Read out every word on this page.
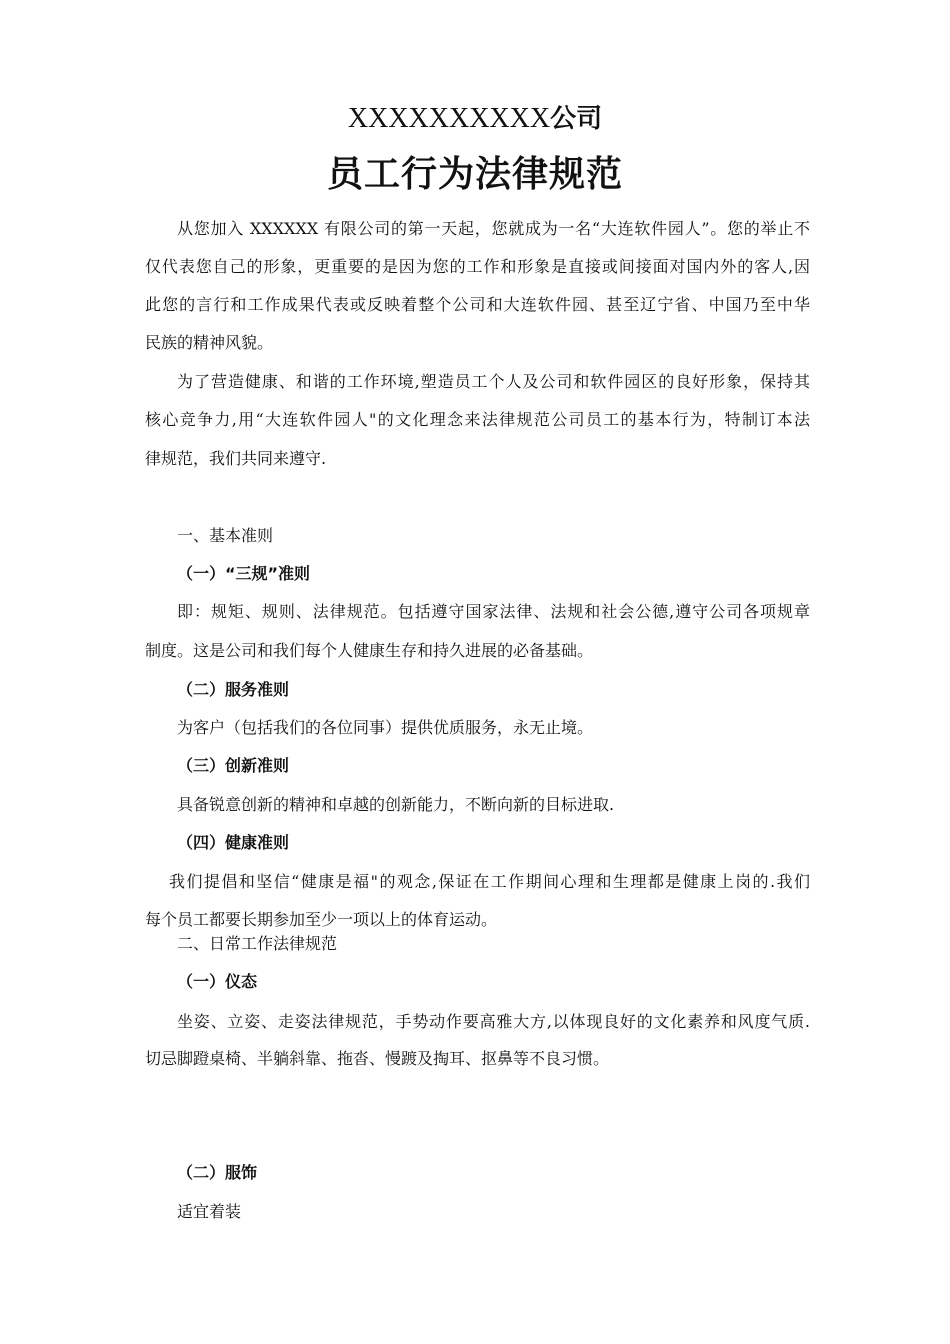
XXXXXXXXXX公司
员工行为法律规范
从您加入 XXXXXX 有限公司的第一天起，您就成为一名“大连软件园人”。您的举止不
仅代表您自己的形象，更重要的是因为您的工作和形象是直接或间接面对国内外的客人,因
此您的言行和工作成果代表或反映着整个公司和大连软件园、甚至辽宁省、中国乃至中华
民族的精神风貌。
为了营造健康、和谐的工作环境,塑造员工个人及公司和软件园区的良好形象，保持其
核心竞争力,用“大连软件园人"的文化理念来法律规范公司员工的基本行为，特制订本法
律规范，我们共同来遵守.
一、基本准则
（一）“三规”准则
即：规矩、规则、法律规范。包括遵守国家法律、法规和社会公德,遵守公司各项规章
制度。这是公司和我们每个人健康生存和持久进展的必备基础。
（二）服务准则
为客户（包括我们的各位同事）提供优质服务，永无止境。
（三）创新准则
具备锐意创新的精神和卓越的创新能力，不断向新的目标进取.
（四）健康准则
我们提倡和坚信“健康是福"的观念,保证在工作期间心理和生理都是健康上岗的.我们
每个员工都要长期参加至少一项以上的体育运动。
二、日常工作法律规范
（一）仪态
坐姿、立姿、走姿法律规范，手势动作要高雅大方,以体现良好的文化素养和风度气质.
切忌脚蹬桌椅、半躺斜靠、拖沓、慢踱及掏耳、抠鼻等不良习惯。
（二）服饰
适宜着装
